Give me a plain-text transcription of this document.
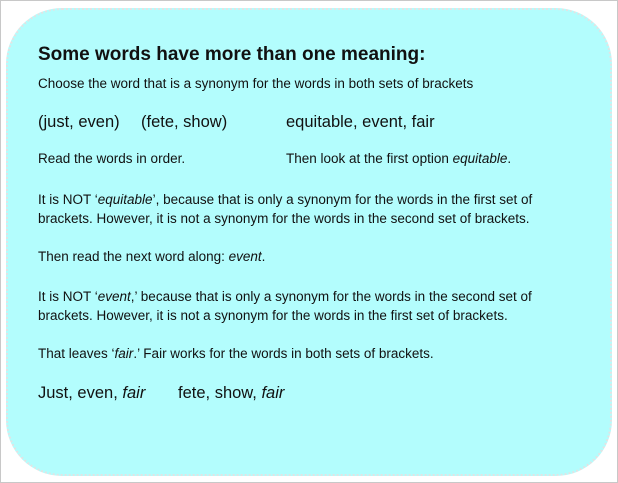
Some words have more than one meaning:
Choose the word that is a synonym for the words in both sets of brackets
(just, even) (fete, show)	equitable, event, fair
Read the words in order.	Then look at the first option equitable.
It is NOT ‘equitable’, because that is only a synonym for the words in the first set of
brackets. However, it is not a synonym for the words in the second set of brackets.
Then read the next word along: event.
It is NOT ‘event,’ because that is only a synonym for the words in the second set of
brackets. However, it is not a synonym for the words in the first set of brackets.
That leaves ‘fair.’ Fair works for the words in both sets of brackets.
Just, even, fair fete, show, fair
